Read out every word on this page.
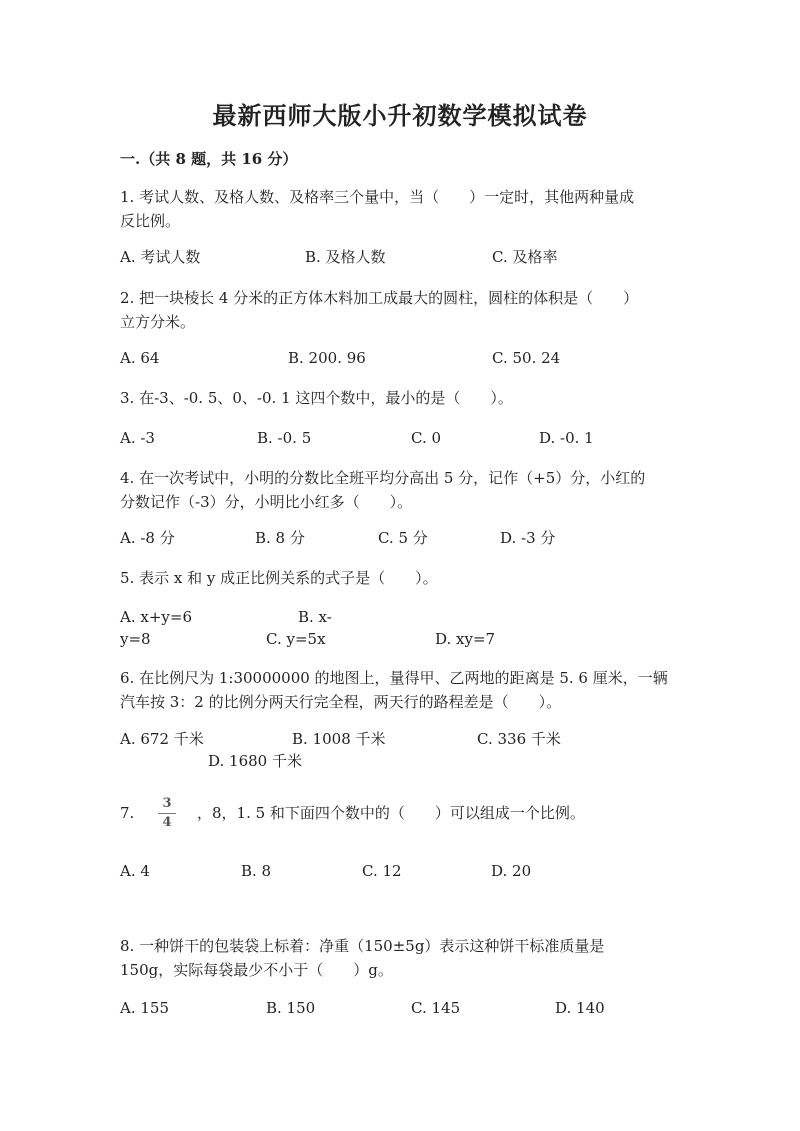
最新西师大版小升初数学模拟试卷
一.（共 8 题，共 16 分）
1. 考试人数、及格人数、及格率三个量中，当（　　）一定时，其他两种量成
反比例。
A. 考试人数	B. 及格人数	C. 及格率
2. 把一块棱长 4 分米的正方体木料加工成最大的圆柱，圆柱的体积是（　　）
立方分米。
A. 64	B. 200. 96	C. 50. 24
3. 在-3、-0. 5、0、-0. 1 这四个数中，最小的是（　　）。
A. -3	B. -0. 5	C. 0	D. -0. 1
4. 在一次考试中，小明的分数比全班平均分高出 5 分，记作（+5）分，小红的
分数记作（-3）分，小明比小红多（　　）。
A. -8 分	B. 8 分	C. 5 分	D. -3 分
5. 表示 x 和 y 成正比例关系的式子是（　　）。
A. x+y=6	B. x-
y=8	C. y=5x	D. xy=7
6. 在比例尺为 1:30000000 的地图上，量得甲、乙两地的距离是 5. 6 厘米，一辆
汽车按 3：2 的比例分两天行完全程，两天行的路程差是（　　）。
A. 672 千米	B. 1008 千米	C. 336 千米
D. 1680 千米
7.
3
4
，8，1. 5 和下面四个数中的（　　）可以组成一个比例。
A. 4	B. 8	C. 12	D. 20
8. 一种饼干的包装袋上标着：净重（150±5g）表示这种饼干标准质量是
150g，实际每袋最少不小于（　　）g。
A. 155	B. 150	C. 145	D. 140
